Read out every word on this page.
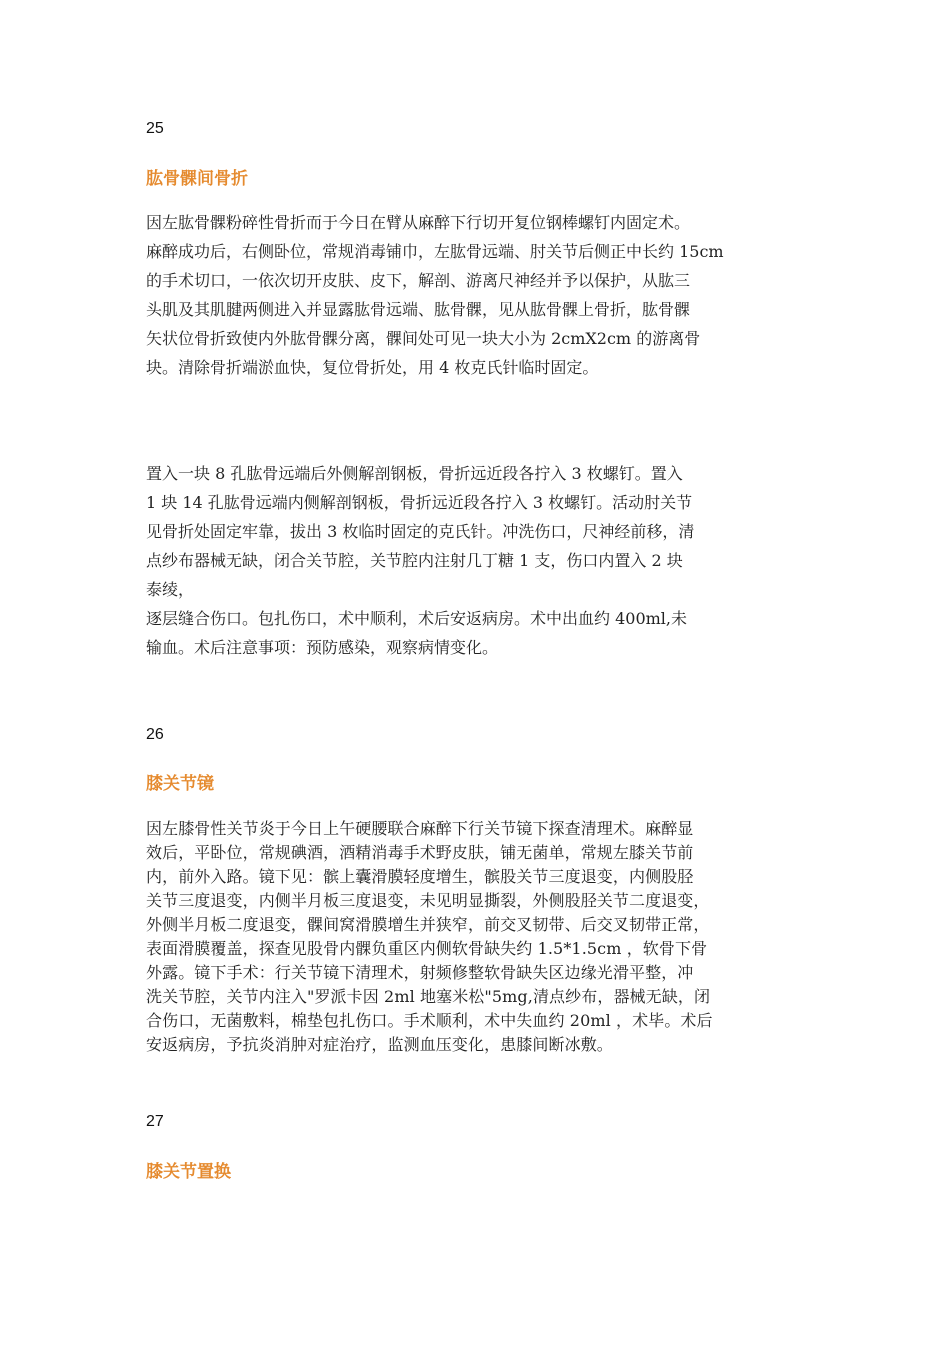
25
肱骨髁间骨折
因左肱骨髁粉碎性骨折而于今日在臂从麻醉下行切开复位钢棒螺钉内固定术。
麻醉成功后，右侧卧位，常规消毒铺巾，左肱骨远端、肘关节后侧正中长约 15cm
的手术切口，一依次切开皮肤、皮下，解剖、游离尺神经并予以保护，从肱三
头肌及其肌腱两侧进入并显露肱骨远端、肱骨髁，见从肱骨髁上骨折，肱骨髁
矢状位骨折致使内外肱骨髁分离，髁间处可见一块大小为 2cmX2cm 的游离骨
块。清除骨折端淤血快，复位骨折处，用 4 枚克氏针临时固定。
置入一块 8 孔肱骨远端后外侧解剖钢板，骨折远近段各拧入 3 枚螺钉。置入
1 块 14 孔肱骨远端内侧解剖钢板，骨折远近段各拧入 3 枚螺钉。活动肘关节
见骨折处固定牢靠，拔出 3 枚临时固定的克氏针。冲洗伤口，尺神经前移，清
点纱布器械无缺，闭合关节腔，关节腔内注射几丁糖 1 支，伤口内置入 2 块
泰绫，
逐层缝合伤口。包扎伤口，术中顺利，术后安返病房。术中出血约 400ml,未
输血。术后注意事项：预防感染，观察病情变化。
26
膝关节镜
因左膝骨性关节炎于今日上午硬腰联合麻醉下行关节镜下探查清理术。麻醉显
效后，平卧位，常规碘酒，酒精消毒手术野皮肤，铺无菌单，常规左膝关节前
内，前外入路。镜下见：髌上囊滑膜轻度增生，髌股关节三度退变，内侧股胫
关节三度退变，内侧半月板三度退变，未见明显撕裂，外侧股胫关节二度退变，
外侧半月板二度退变，髁间窝滑膜增生并狭窄，前交叉韧带、后交叉韧带正常，
表面滑膜覆盖，探查见股骨内髁负重区内侧软骨缺失约 1.5*1.5cm ，软骨下骨
外露。镜下手术：行关节镜下清理术，射频修整软骨缺失区边缘光滑平整，冲
洗关节腔，关节内注入"罗派卡因 2ml 地塞米松"5mg,清点纱布，器械无缺，闭
合伤口，无菌敷料，棉垫包扎伤口。手术顺利，术中失血约 20ml ，术毕。术后
安返病房，予抗炎消肿对症治疗，监测血压变化，患膝间断冰敷。
27
膝关节置换
